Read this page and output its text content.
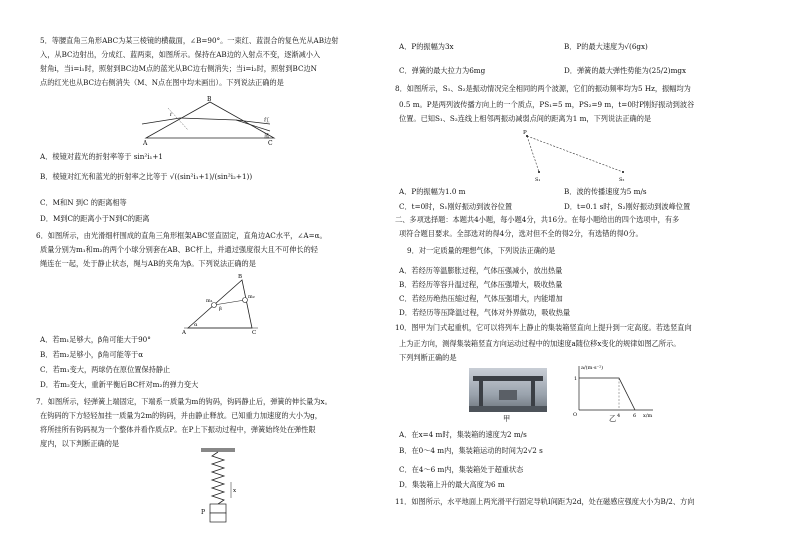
5．等腰直角三角形ABC为某三棱镜的横截面，∠B=90°。一束红、蓝混合的复色光从AB边射
入，从BC边射出，分成红、蓝两束，如图所示。保持在AB边的入射点不变，逐渐减小入
射角i，当i=i₁时，照射到BC边M点的蓝光从BC边右侧消失；当i=i₂时，照射到BC边N
点的红光也从BC边右侧消失（M、N点在图中均未画出）。下列说法正确的是
B
A	C
i
红
蓝
A．棱镜对蓝光的折射率等于 sin²i₁+1
B．棱镜对红光和蓝光的折射率之比等于 √((sin²i₁+1)/(sin²i₂+1))
C．M和N 到C 的距离相等
D．M到C的距离小于N到C的距离
6．如图所示，由光滑细杆围成的直角三角形框架ABC竖直固定，直角边AC水平，∠A=α。
质量分别为m₁和m₂的两个小球分别套在AB、BC杆上，并通过强度很大且不可伸长的轻
绳连在一起，处于静止状态，绳与AB的夹角为β。下列说法正确的是
B
A	C
m₁
m₂
α
β
A．若m₁足够大，β角可能大于90°
B．若m₂足够小，β角可能等于α
C．若m₁变大，两球仍在原位置保持静止
D．若m₂变大，重新平衡后BC杆对m₂的弹力变大
7．如图所示，轻弹簧上端固定，下端系一质量为m的钩码，钩码静止后，弹簧的伸长量为x。
在钩码的下方轻轻加挂一质量为2m的钩码，并由静止释放。已知重力加速度的大小为g，
将所挂所有钩码视为一个整体并看作质点P。在P上下振动过程中，弹簧始终处在弹性限
度内，以下判断正确的是
x
P
A．P的振幅为3x	B．P的最大速度为√(6gx)
C．弹簧的最大拉力为6mg	D．弹簧的最大弹性势能为(25/2)mgx
8．如图所示，S₁、S₂是振动情况完全相同的两个波源，它们的振动频率均为5 Hz，振幅均为
0.5 m。P是两列波传播方向上的一个质点，PS₁=5 m，PS₂=9 m，t=0时P刚好振动到波谷
位置。已知S₁、S₂连线上相邻两振动减弱点间的距离为1 m，下列说法正确的是
P
S₁	S₂
A．P的振幅为1.0 m	B．波的传播速度为5 m/s
C．t=0时，S₁刚好振动到波谷位置	D．t=0.1 s时，S₂刚好振动到波峰位置
二、多项选择题：本题共4小题，每小题4分，共16分。在每小题给出的四个选项中，有多
项符合题目要求。全部选对的得4分，选对但不全的得2分，有选错的得0分。
9．对一定质量的理想气体，下列说法正确的是
A．若经历等温膨胀过程，气体压强减小，放出热量
B．若经历等容升温过程，气体压强增大，吸收热量
C．若经历绝热压缩过程，气体压强增大，内能增加
D．若经历等压降温过程，气体对外界做功，吸收热量
10．图甲为门式起重机，它可以将列车上静止的集装箱竖直向上提升到一定高度。若选竖直向
上为正方向，测得集装箱竖直方向运动过程中的加速度a随位移x变化的规律如图乙所示。
下列判断正确的是
甲
a/(m·s⁻²)
x/m
O
1
4	6
乙
A．在x=4 m时，集装箱的速度为2 m/s
B．在0～4 m内，集装箱运动的时间为2√2 s
C．在4～6 m内，集装箱处于超重状态
D．集装箱上升的最大高度为6 m
11．如图所示，水平地面上两光滑平行固定导轨I间距为2d，处在磁感应强度大小为B/2、方向
